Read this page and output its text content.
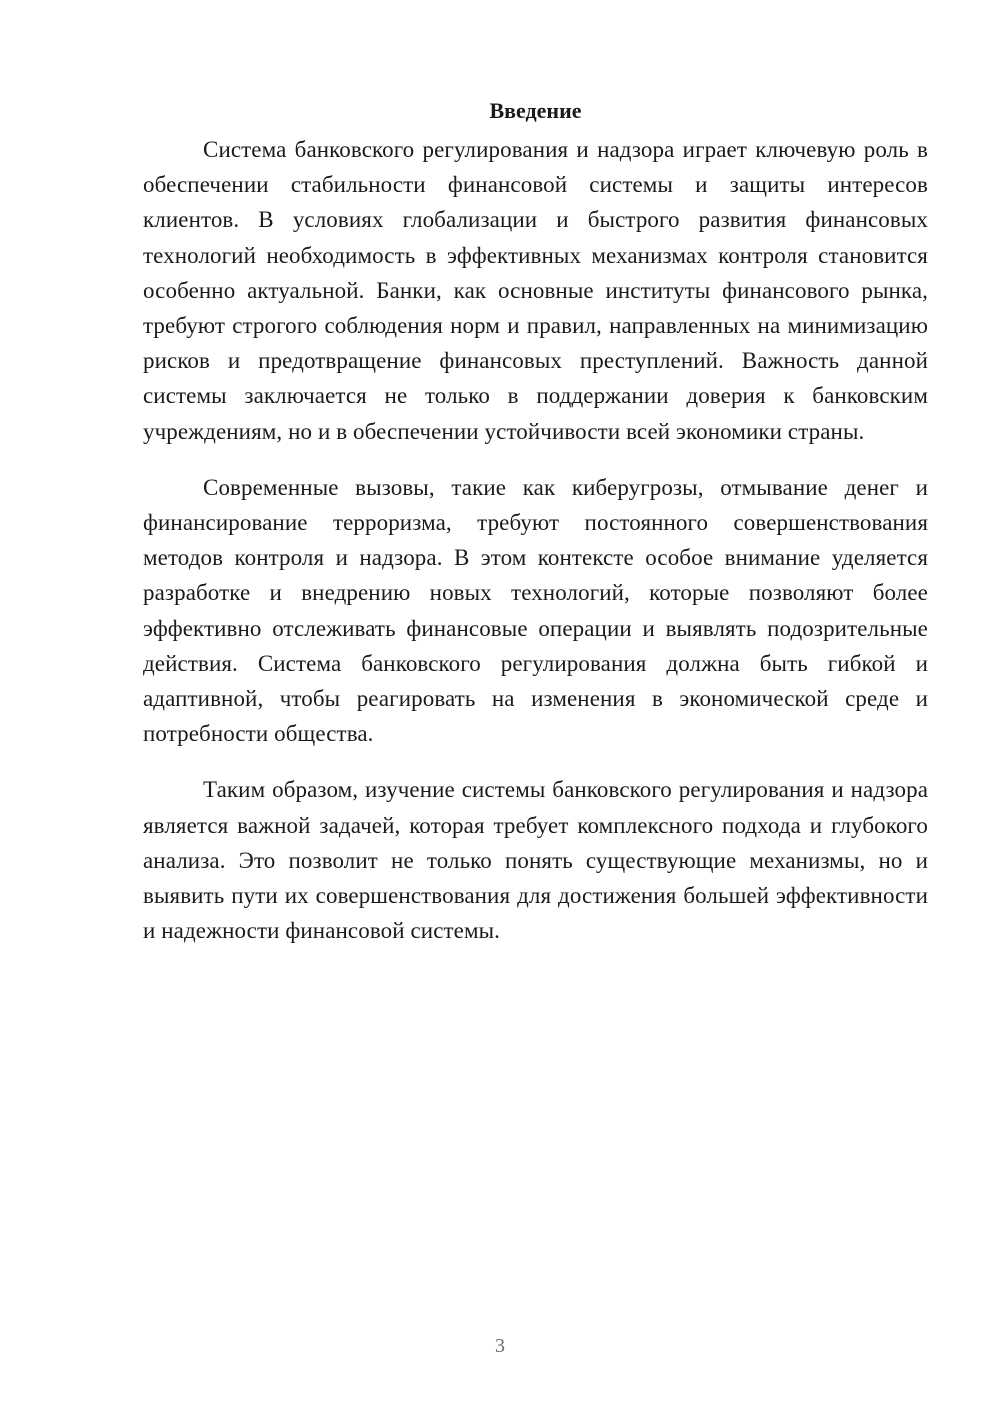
Введение

Система банковского регулирования и надзора играет ключевую роль в обеспечении стабильности финансовой системы и защиты интересов клиентов. В условиях глобализации и быстрого развития финансовых технологий необходимость в эффективных механизмах контроля становится особенно актуальной. Банки, как основные институты финансового рынка, требуют строгого соблюдения норм и правил, направленных на минимизацию рисков и предотвращение финансовых преступлений. Важность данной системы заключается не только в поддержании доверия к банковским учреждениям, но и в обеспечении устойчивости всей экономики страны.

Современные вызовы, такие как киберугрозы, отмывание денег и финансирование терроризма, требуют постоянного совершенствования методов контроля и надзора. В этом контексте особое внимание уделяется разработке и внедрению новых технологий, которые позволяют более эффективно отслеживать финансовые операции и выявлять подозрительные действия. Система банковского регулирования должна быть гибкой и адаптивной, чтобы реагировать на изменения в экономической среде и потребности общества.

Таким образом, изучение системы банковского регулирования и надзора является важной задачей, которая требует комплексного подхода и глубокого анализа. Это позволит не только понять существующие механизмы, но и выявить пути их совершенствования для достижения большей эффективности и надежности финансовой системы.

3
